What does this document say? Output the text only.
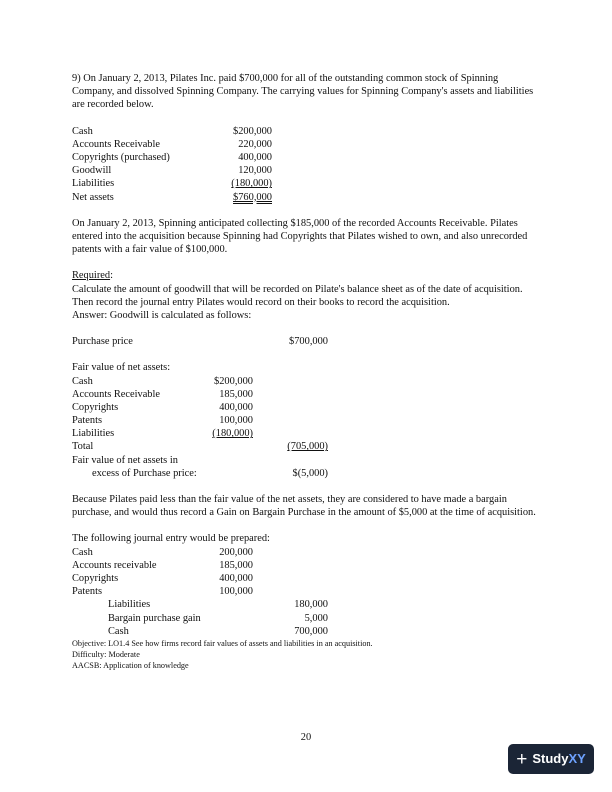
9) On January 2, 2013, Pilates Inc. paid $700,000 for all of the outstanding common stock of Spinning Company, and dissolved Spinning Company. The carrying values for Spinning Company's assets and liabilities are recorded below.

Cash	$200,000
Accounts Receivable	220,000
Copyrights (purchased)	400,000
Goodwill	120,000
Liabilities	(180,000)
Net assets	$760,000

On January 2, 2013, Spinning anticipated collecting $185,000 of the recorded Accounts Receivable. Pilates entered into the acquisition because Spinning had Copyrights that Pilates wished to own, and also unrecorded patents with a fair value of $100,000.

Required:

Calculate the amount of goodwill that will be recorded on Pilate's balance sheet as of the date of acquisition. Then record the journal entry Pilates would record on their books to record the acquisition.

Answer: Goodwill is calculated as follows:

Purchase price	$700,000
Fair value of net assets:
Cash	$200,000
Accounts Receivable	185,000
Copyrights	400,000
Patents	100,000
Liabilities	(180,000)
Total	(705,000)
Fair value of net assets in
excess of Purchase price:	$(5,000)

Because Pilates paid less than the fair value of the net assets, they are considered to have made a bargain purchase, and would thus record a Gain on Bargain Purchase in the amount of $5,000 at the time of acquisition.

The following journal entry would be prepared:

Cash	200,000
Accounts receivable	185,000
Copyrights	400,000
Patents	100,000
Liabilities	180,000
Bargain purchase gain	5,000
Cash	700,000

Objective: LO1.4 See how firms record fair values of assets and liabilities in an acquisition.

Difficulty: Moderate

AACSB: Application of knowledge

20
+ StudyXY
